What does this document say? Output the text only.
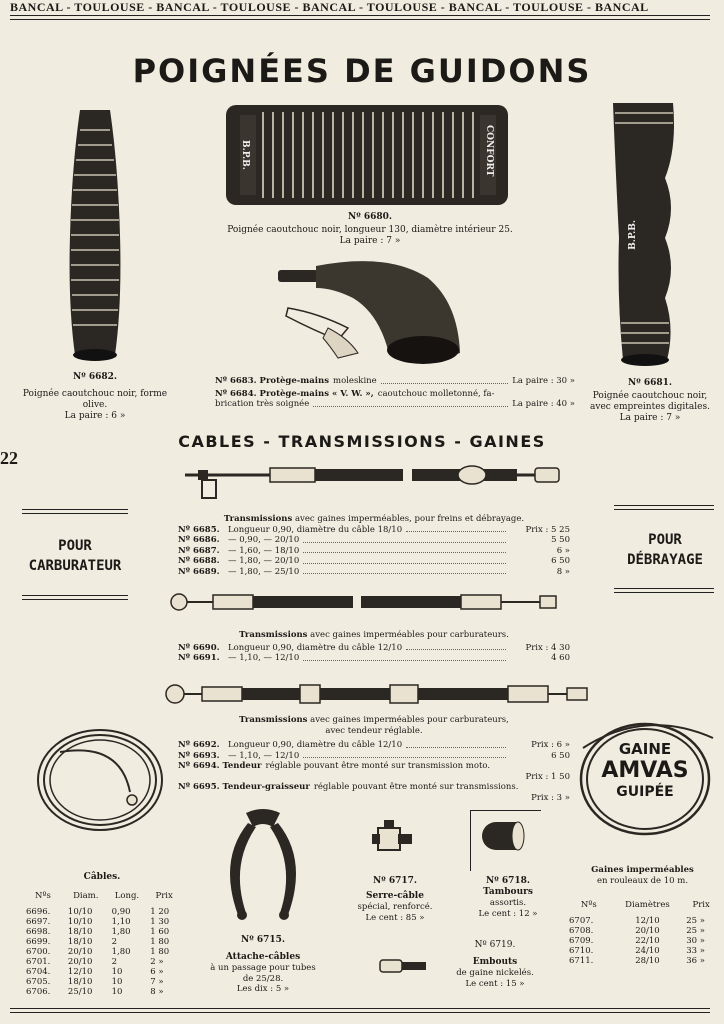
BANCAL - TOULOUSE - BANCAL - TOULOUSE - BANCAL - TOULOUSE - BANCAL - TOULOUSE - BANCAL
POIGNÉES DE GUIDONS
22
Nº 6682.
Poignée caoutchouc noir, forme
olive.
La paire : 6 »
B.P.B.	CONFORT
Nº 6680.
Poignée caoutchouc noir, longueur 130, diamètre intérieur 25.
La paire : 7 »
Nº 6683. Protège-mains moleskine	La paire : 30 »
Nº 6684. Protège-mains « V. W. », caoutchouc molletonné, fa-
brication très soignée	La paire : 40 »
B.P.B.
Nº 6681.
Poignée caoutchouc noir,
avec empreintes digitales.
La paire : 7 »
CABLES - TRANSMISSIONS - GAINES
POUR
CARBURATEUR
POUR
DÉBRAYAGE
Transmissions avec gaines imperméables, pour freins et débrayage.
Nº 6685. Longueur 0,90, diamètre du câble 18/10	Prix : 5 25
Nº 6686. — 0,90, — 20/10	5 50
Nº 6687. — 1,60, — 18/10	6 »
Nº 6688. — 1,80, — 20/10	6 50
Nº 6689. — 1,80, — 25/10	8 »
Transmissions avec gaines imperméables pour carburateurs.
Nº 6690. Longueur 0,90, diamètre du câble 12/10	Prix : 4 30
Nº 6691. — 1,10, — 12/10	4 60
Transmissions avec gaines imperméables pour carburateurs,
avec tendeur réglable.
Nº 6692. Longueur 0,90, diamètre du câble 12/10	Prix : 6 »
Nº 6693. — 1,10, — 12/10	6 50
Nº 6694. Tendeur réglable pouvant être monté sur transmission moto.
Prix : 1 50
Nº 6695. Tendeur-graisseur réglable pouvant être monté sur transmissions.
Prix : 3 »
Câbles.
Nºs	Diam.	Long.	Prix

6696.	10/10	0,90	1 20
6697.	10/10	1,10	1 30
6698.	18/10	1,80	1 60
6699.	18/10	2	1 80
6700.	20/10	1,80	1 80
6701.	20/10	2	2 »
6704.	12/10	10	6 »
6705.	18/10	10	7 »
6706.	25/10	10	8 »
Nº 6715.
Attache-câbles
à un passage pour tubes
de 25/28.
Les dix : 5 »
Nº 6717.
Serre-câble
spécial, renforcé.
Le cent : 85 »
Nº 6718.
Tambours
assortis.
Le cent : 12 »
Nº 6719.
Embouts
de gaine nickelés.
Le cent : 15 »
GAINE
AMVAS
GUIPÉE
Gaines imperméables
en rouleaux de 10 m.
Nºs	Diamètres	Prix

6707.	12/10	25 »
6708.	20/10	25 »
6709.	22/10	30 »
6710.	24/10	33 »
6711.	28/10	36 »
